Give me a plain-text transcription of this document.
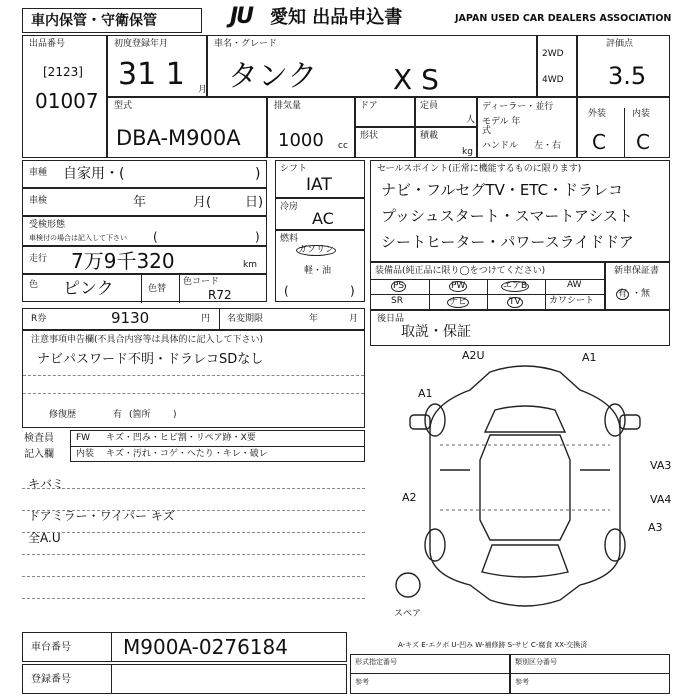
車内保管・守衛保管	JU 愛知 出品申込書	JAPAN USED CAR DEALERS ASSOCIATION
出品番号
[2123]
01007
初度登録年月
31 1 月
車名・グレード
タンク	X S
2WD
4WD
評価点
3.5
型式
DBA-M900A
排気量
1000 cc
ドア	定員
人
形状	積載
kg
ディーラー・並行
モデル 年式
ハンドル 左・右
外装	内装
C C
車種 自家用・(	)
車検	年	月(	日)
受検形態
車検付の場合は記入して下さい (	)
走行 7万9千320	km
色 ピンク	色替
色コード
R72
シフト
IAT
冷房
AC
燃料
ガソリン
軽・油
(	)
セールスポイント(正常に機能するものに限ります)
ナビ・フルセグTV・ETC・ドラレコ
プッシュスタート・スマートアシスト
シートヒーター・パワースライドドア
装備品(純正品に限り◯をつけてください)
PS	PW	エアB	AW
SR	ナビ	TV	カワシート
新車保証書
有 ・無
R券	9130	円 名変期限	年	月 後日品
取説・保証
注意事項申告欄(不具合内容等は具体的に記入して下さい)
ナビパスワード不明・ドラレコSDなし
修復歴	有 (箇所 )
検査員
記入欄
FW キズ・凹み・ヒビ割・リペア跡・X要
内装 キズ・汚れ・コゲ・へたり・キレ・破レ
キバミ
ドアミラー・ワイパー キズ
全A.U
A2U	A1
A1
A2
VA3
VA4
A3
スペア
A-キズ E-エクボ U-凹み W-補修跡 S-サビ C-腐食 XX-交換済
車台番号	M900A-0276184
登録番号
形式指定番号
参考
類別区分番号
参考
